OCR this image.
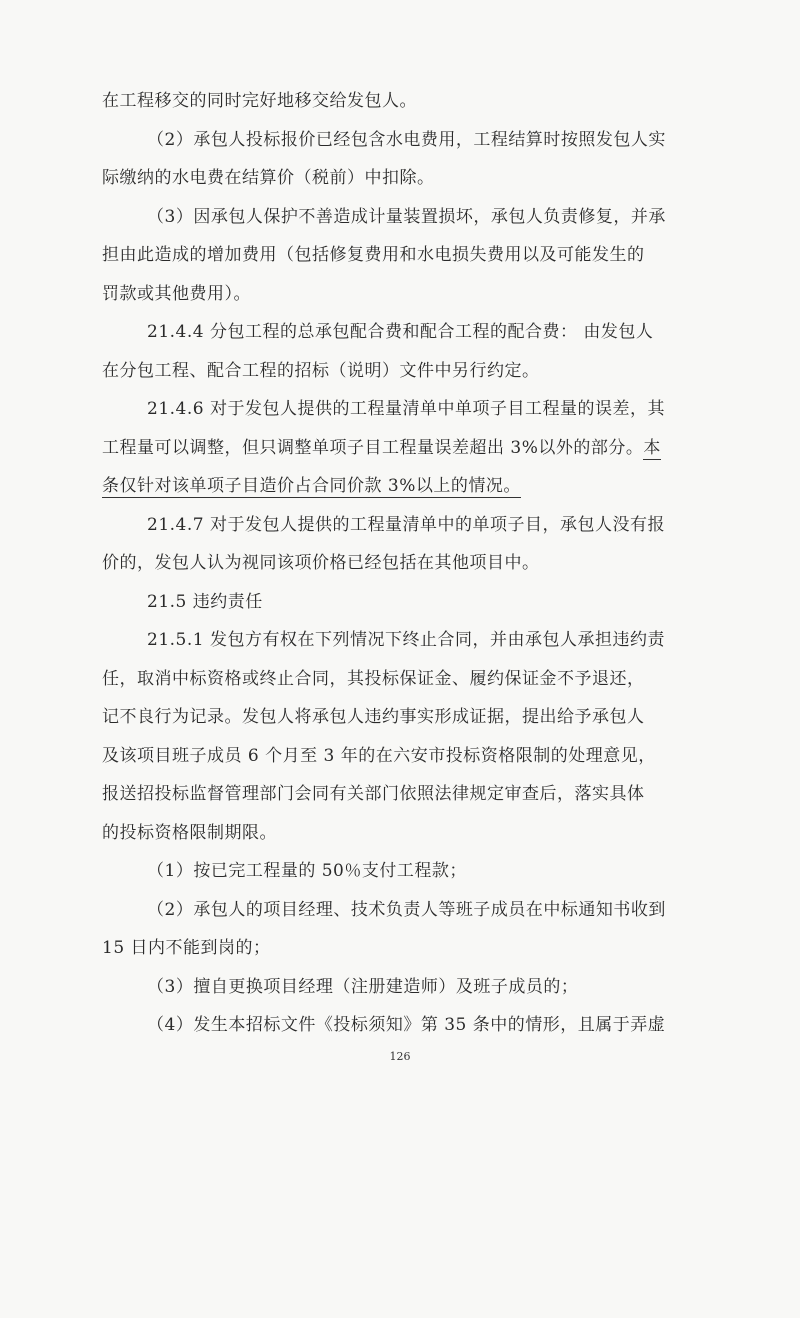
在工程移交的同时完好地移交给发包人。
（2）承包人投标报价已经包含水电费用，工程结算时按照发包人实
际缴纳的水电费在结算价（税前）中扣除。
（3）因承包人保护不善造成计量装置损坏，承包人负责修复，并承
担由此造成的增加费用（包括修复费用和水电损失费用以及可能发生的
罚款或其他费用）。
21.4.4 分包工程的总承包配合费和配合工程的配合费： 由发包人
在分包工程、配合工程的招标（说明）文件中另行约定。
21.4.6 对于发包人提供的工程量清单中单项子目工程量的误差，其
工程量可以调整，但只调整单项子目工程量误差超出 3%以外的部分。本
条仅针对该单项子目造价占合同价款 3%以上的情况。
21.4.7 对于发包人提供的工程量清单中的单项子目，承包人没有报
价的，发包人认为视同该项价格已经包括在其他项目中。
21.5 违约责任
21.5.1 发包方有权在下列情况下终止合同，并由承包人承担违约责
任，取消中标资格或终止合同，其投标保证金、履约保证金不予退还，
记不良行为记录。发包人将承包人违约事实形成证据，提出给予承包人
及该项目班子成员 6 个月至 3 年的在六安市投标资格限制的处理意见，
报送招投标监督管理部门会同有关部门依照法律规定审查后，落实具体
的投标资格限制期限。
（1）按已完工程量的 50％支付工程款；
（2）承包人的项目经理、技术负责人等班子成员在中标通知书收到
15 日内不能到岗的；
（3）擅自更换项目经理（注册建造师）及班子成员的；
（4）发生本招标文件《投标须知》第 35 条中的情形，且属于弄虚
126
